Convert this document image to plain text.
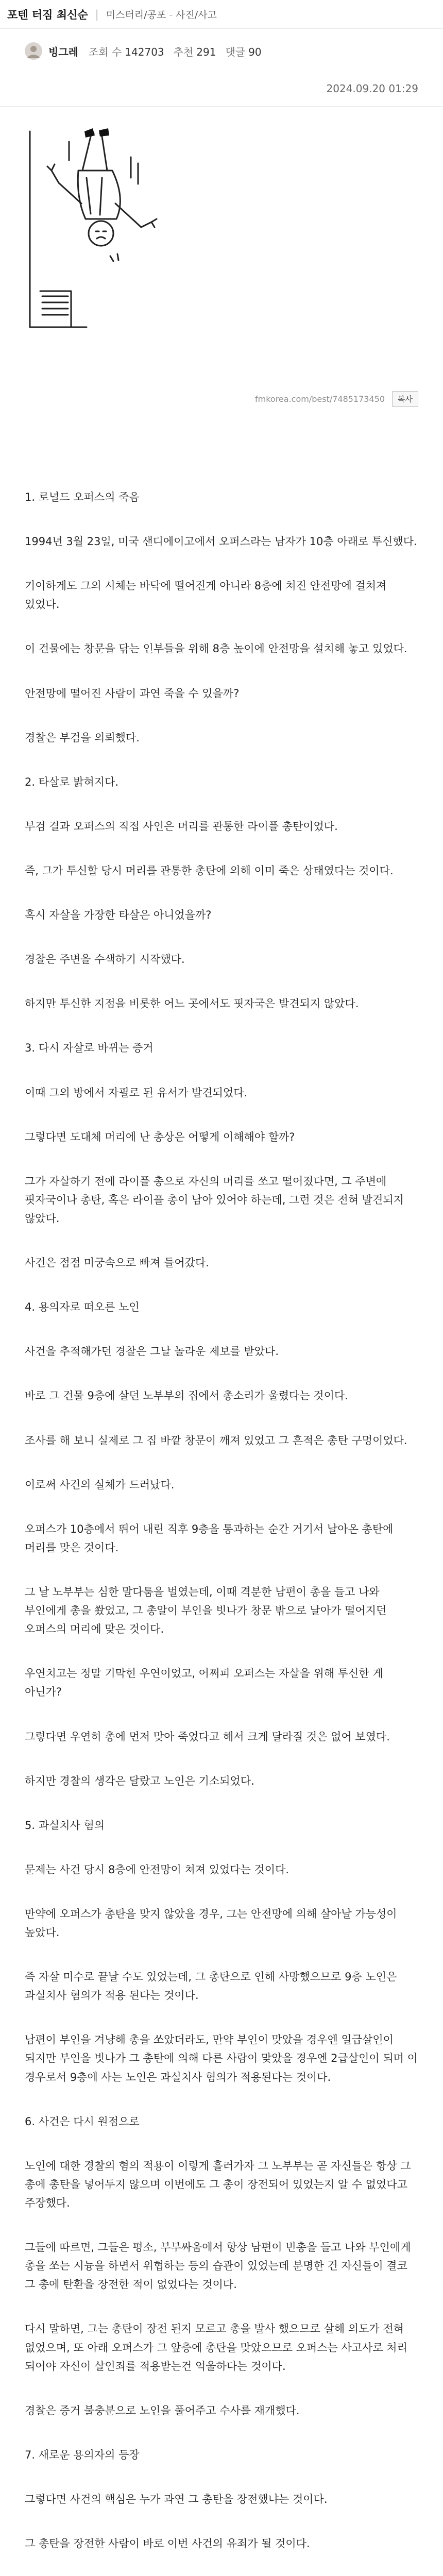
포텐 터짐 최신순 | 미스터리/공포 - 사진/사고
빙그레 조회 수 142703 추천 291 댓글 90
2024.09.20 01:29
fmkorea.com/best/7485173450	복사

1. 로널드 오퍼스의 죽음

1994년 3월 23일, 미국 샌디에이고에서 오퍼스라는 남자가 10층 아래로 투신했다.

기이하게도 그의 시체는 바닥에 떨어진게 아니라 8층에 쳐진 안전망에 걸쳐져 있었다.

이 건물에는 창문을 닦는 인부들을 위해 8층 높이에 안전망을 설치해 놓고 있었다.

안전망에 떨어진 사람이 과연 죽을 수 있을까?

경찰은 부검을 의뢰했다.

2. 타살로 밝혀지다.

부검 결과 오퍼스의 직접 사인은 머리를 관통한 라이플 총탄이었다.

즉, 그가 투신할 당시 머리를 관통한 총탄에 의해 이미 죽은 상태였다는 것이다.

혹시 자살을 가장한 타살은 아니었을까?

경찰은 주변을 수색하기 시작했다.

하지만 투신한 지점을 비롯한 어느 곳에서도 핏자국은 발견되지 않았다.

3. 다시 자살로 바뀌는 증거

이때 그의 방에서 자필로 된 유서가 발견되었다.

그렇다면 도대체 머리에 난 총상은 어떻게 이해해야 할까?

그가 자살하기 전에 라이플 총으로 자신의 머리를 쏘고 떨어졌다면, 그 주변에 핏자국이나 총탄, 혹은 라이플 총이 남아 있어야 하는데, 그런 것은 전혀 발견되지 않았다.

사건은 점점 미궁속으로 빠져 들어갔다.

4. 용의자로 떠오른 노인

사건을 추적해가던 경찰은 그날 놀라운 제보를 받았다.

바로 그 건물 9층에 살던 노부부의 집에서 총소리가 울렸다는 것이다.

조사를 해 보니 실제로 그 집 바깥 창문이 깨져 있었고 그 흔적은 총탄 구멍이었다.

이로써 사건의 실체가 드러났다.

오퍼스가 10층에서 뛰어 내린 직후 9층을 통과하는 순간 거기서 날아온 총탄에 머리를 맞은 것이다.

그 날 노부부는 심한 말다툼을 벌였는데, 이때 격분한 남편이 총을 들고 나와 부인에게 총을 쐈었고, 그 총알이 부인을 빗나가 창문 밖으로 날아가 떨어지던 오퍼스의 머리에 맞은 것이다.

우연치고는 정말 기막힌 우연이었고, 어쩌피 오퍼스는 자살을 위해 투신한 게 아닌가?

그렇다면 우연히 총에 먼저 맞아 죽었다고 해서 크게 달라질 것은 없어 보였다.

하지만 경찰의 생각은 달랐고 노인은 기소되었다.

5. 과실치사 혐의

문제는 사건 당시 8층에 안전망이 쳐져 있었다는 것이다.

만약에 오퍼스가 총탄을 맞지 않았을 경우, 그는 안전망에 의해 살아날 가능성이 높았다.

즉 자살 미수로 끝날 수도 있었는데, 그 총탄으로 인해 사망했으므로 9층 노인은 과실치사 혐의가 적용 된다는 것이다.

남편이 부인을 겨냥해 총을 쏘았더라도, 만약 부인이 맞았을 경우엔 일급살인이 되지만 부인을 빗나가 그 총탄에 의해 다른 사람이 맞았을 경우엔 2급살인이 되며 이 경우로서 9층에 사는 노인은 과실치사 혐의가 적용된다는 것이다.

6. 사건은 다시 원점으로

노인에 대한 경찰의 혐의 적용이 이렇게 흘러가자 그 노부부는 곧 자신들은 항상 그 총에 총탄을 넣어두지 않으며 이번에도 그 총이 장전되어 있었는지 알 수 없었다고 주장했다.

그들에 따르면, 그들은 평소, 부부싸움에서 항상 남편이 빈총을 들고 나와 부인에게 총을 쏘는 시늉을 하면서 위협하는 등의 습관이 있었는데 분명한 건 자신들이 결코 그 총에 탄환을 장전한 적이 없었다는 것이다.

다시 말하면, 그는 총탄이 장전 된지 모르고 총을 발사 했으므로 살해 의도가 전혀 없었으며, 또 아래 오퍼스가 그 앞층에 총탄을 맞았으므로 오퍼스는 사고사로 처리 되어야 자신이 살인죄를 적용받는건 억울하다는 것이다.

경찰은 증거 불충분으로 노인을 풀어주고 수사를 재개했다.

7. 새로운 용의자의 등장

그렇다면 사건의 핵심은 누가 과연 그 총탄을 장전했냐는 것이다.

그 총탄을 장전한 사람이 바로 이번 사건의 유죄가 될 것이다.
